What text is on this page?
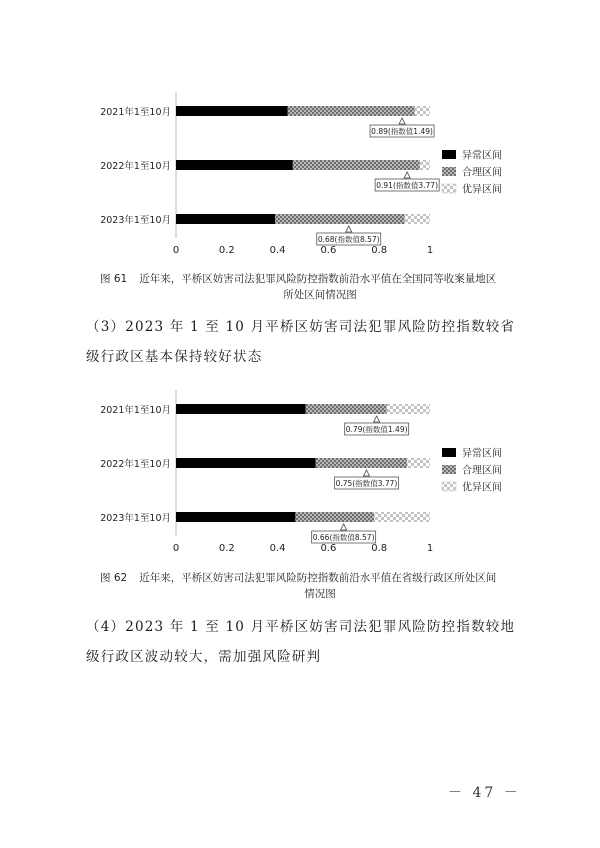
2021年1至10月
0.89(指数值1.49)
2022年1至10月
0.91(指数值3.77)
2023年1至10月
0.68(指数值8.57)
0	0.2	0.4	0.6	0.8	1
异常区间
合理区间
优异区间
图 61 近年来，平桥区妨害司法犯罪风险防控指数前沿水平值在全国同等收案量地区
所处区间情况图
（3）2023 年 1 至 10 月平桥区妨害司法犯罪风险防控指数较省级行政区基本保持较好状态
2021年1至10月
0.79(指数值1.49)
2022年1至10月
0.75(指数值3.77)
2023年1至10月
0.66(指数值8.57)
0	0.2	0.4	0.6	0.8	1
异常区间
合理区间
优异区间
图 62 近年来，平桥区妨害司法犯罪风险防控指数前沿水平值在省级行政区所处区间
情况图
（4）2023 年 1 至 10 月平桥区妨害司法犯罪风险防控指数较地级行政区波动较大，需加强风险研判
－ 47 －
